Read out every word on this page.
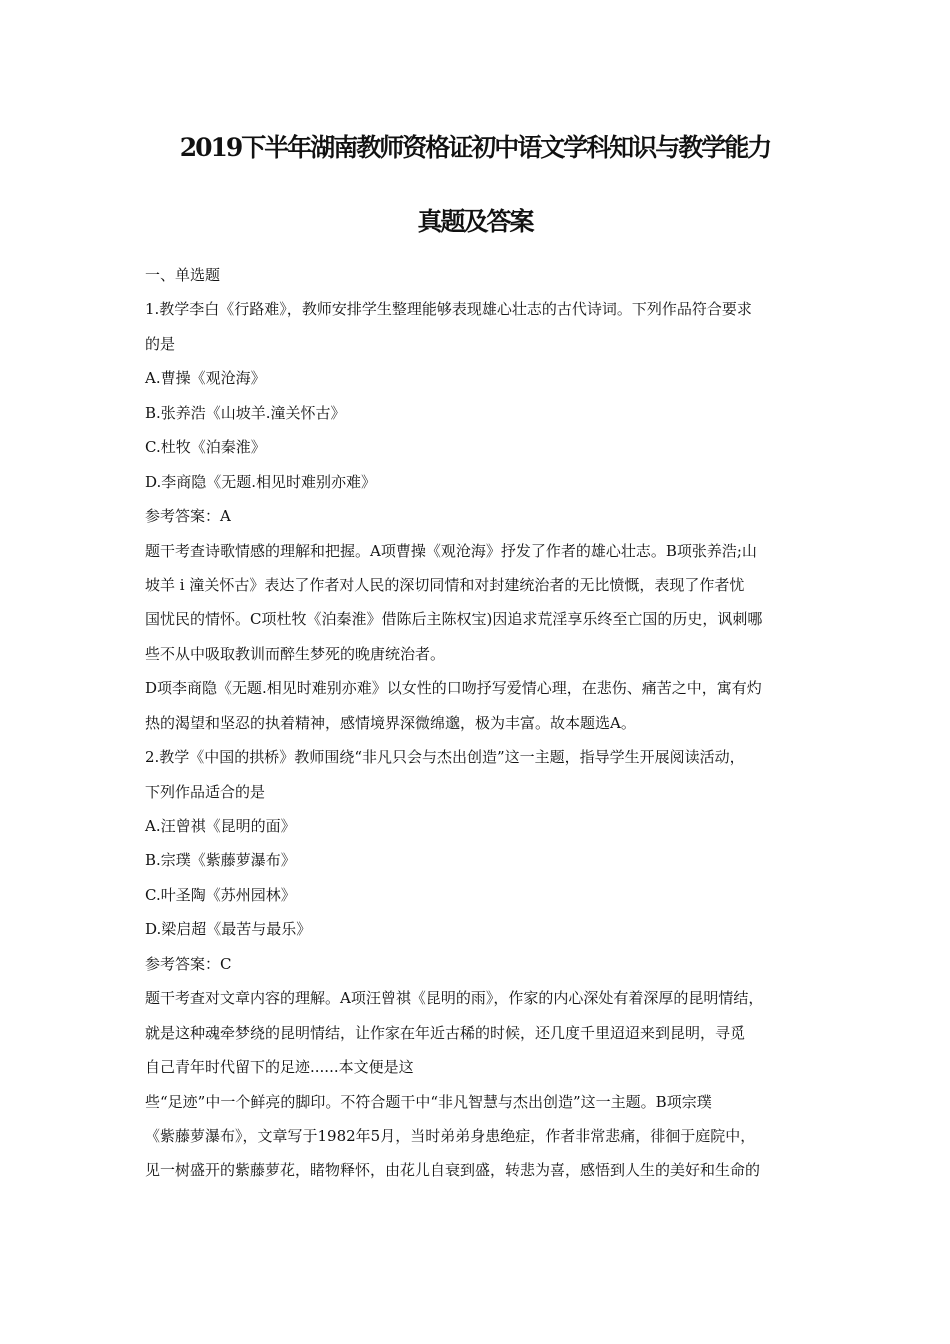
2019下半年湖南教师资格证初中语文学科知识与教学能力
真题及答案
一、单选题
1.教学李白《行路难》，教师安排学生整理能够表现雄心壮志的古代诗词。下列作品符合要求
的是
A.曹操《观沧海》
B.张养浩《山坡羊.潼关怀古》
C.杜牧《泊秦淮》
D.李商隐《无题.相见时难别亦难》
参考答案：A
题干考查诗歌情感的理解和把握。A项曹操《观沧海》抒发了作者的雄心壮志。B项张养浩;山
坡羊 i 潼关怀古》表达了作者对人民的深切同情和对封建统治者的无比愤慨，表现了作者忧
国忧民的情怀。C项杜牧《泊秦淮》借陈后主陈权宝)因追求荒淫享乐终至亡国的历史，讽刺哪
些不从中吸取教训而醉生梦死的晚唐统治者。
D项李商隐《无题.相见时难别亦难》以女性的口吻抒写爱情心理，在悲伤、痛苦之中，寓有灼
热的渴望和坚忍的执着精神，感情境界深微绵邈，极为丰富。故本题选A。
2.教学《中国的拱桥》教师围绕“非凡只会与杰出创造”这一主题，指导学生开展阅读活动，
下列作品适合的是
A.汪曾祺《昆明的面》
B.宗璞《紫藤萝瀑布》
C.叶圣陶《苏州园林》
D.梁启超《最苦与最乐》
参考答案：C
题干考查对文章内容的理解。A项汪曾祺《昆明的雨》，作家的内心深处有着深厚的昆明情结，
就是这种魂牵梦绕的昆明情结，让作家在年近古稀的时候，还几度千里迢迢来到昆明，寻觅
自己青年时代留下的足迹......本文便是这
些“足迹”中一个鲜亮的脚印。不符合题干中“非凡智慧与杰出创造”这一主题。B项宗璞
《紫藤萝瀑布》，文章写于1982年5月，当时弟弟身患绝症，作者非常悲痛，徘徊于庭院中，
见一树盛开的紫藤萝花，睹物释怀，由花儿自衰到盛，转悲为喜，感悟到人生的美好和生命的
